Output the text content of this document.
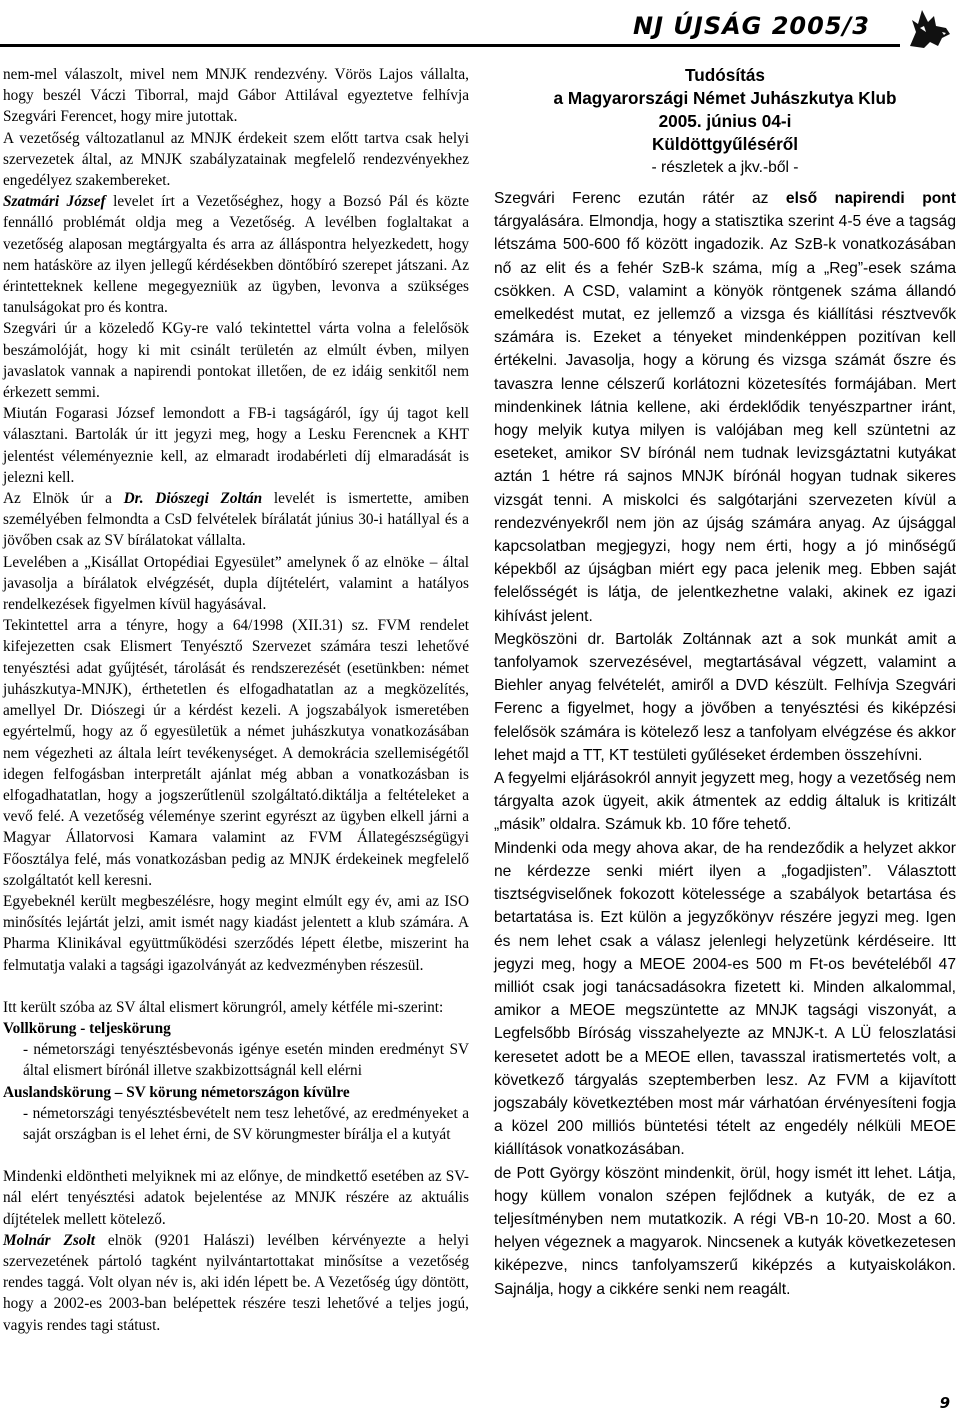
NJ ÚJSÁG 2005/3

nem-mel válaszolt, mivel nem MNJK rendezvény. Vörös Lajos vállalta, hogy beszél Váczi Tiborral, majd Gábor Attilával egyeztetve felhívja Szegvári Ferencet, hogy mire jutottak.

A vezetőség változatlanul az MNJK érdekeit szem előtt tartva csak helyi szervezetek által, az MNJK szabályzatainak megfelelő rendezvényekhez engedélyez szakembereket.

Szatmári József levelet írt a Vezetőséghez, hogy a Bozsó Pál és közte fennálló problémát oldja meg a Vezetőség. A levélben foglaltakat a vezetőség alaposan megtárgyalta és arra az álláspontra helyezkedett, hogy nem hatásköre az ilyen jellegű kérdésekben döntőbíró szerepet játszani. Az érintetteknek kellene megegyezniük az ügyben, levonva a szükséges tanulságokat pro és kontra.

Szegvári úr a közeledő KGy-re való tekintettel várta volna a felelősök beszámolóját, hogy ki mit csinált területén az elmúlt évben, milyen javaslatok vannak a napirendi pontokat illetően, de ez idáig senkitől nem érkezett semmi.

Miután Fogarasi József lemondott a FB-i tagságáról, így új tagot kell választani. Bartolák úr itt jegyzi meg, hogy a Lesku Ferencnek a KHT jelentést véleményeznie kell, az elmaradt irodabérleti díj elmaradását is jelezni kell.

Az Elnök úr a Dr. Diószegi Zoltán levelét is ismertette, amiben személyében felmondta a CsD felvételek bírálatát június 30-i hatállyal és a jövőben csak az SV bírálatokat vállalta.

Levelében a „Kisállat Ortopédiai Egyesület” amelynek ő az elnöke – által javasolja a bírálatok elvégzését, dupla díjtételért, valamint a hatályos rendelkezések figyelmen kívül hagyásával.

Tekintettel arra a tényre, hogy a 64/1998 (XII.31) sz. FVM rendelet kifejezetten csak Elismert Tenyésztő Szervezet számára teszi lehetővé tenyésztési adat gyűjtését, tárolását és rendszerezését (esetünkben: német juhászkutya-MNJK), érthetetlen és elfogadhatatlan az a megközelítés, amellyel Dr. Diószegi úr a kérdést kezeli. A jogszabályok ismeretében egyértelmű, hogy az ő egyesületük a német juhászkutya vonatkozásában nem végezheti az általa leírt tevékenységet. A demokrácia szellemiségétől idegen felfogásban interpretált ajánlat még abban a vonatkozásban is elfogadhatatlan, hogy a jogszerűtlenül szolgáltató.diktálja a feltételeket a vevő felé. A vezetőség véleménye szerint egyrészt az ügyben elkell járni a Magyar Állatorvosi Kamara valamint az FVM Állategészségügyi Főosztálya felé, más vonatkozásban pedig az MNJK érdekeinek megfelelő szolgáltatót kell keresni.

Egyebeknél került megbeszélésre, hogy megint elmúlt egy év, ami az ISO minősítés lejártát jelzi, amit ismét nagy kiadást jelentett a klub számára. A Pharma Klinikával együttműködési szerződés lépett életbe, miszerint ha felmutatja valaki a tagsági igazolványát az kedvezményben részesül.

Itt került szóba az SV által elismert körungról, amely kétféle mi-szerint:

Vollkörung - teljeskörung

- németországi tenyésztésbevonás igénye esetén minden eredményt SV által elismert bírónál illetve szakbizottságnál kell elérni

Auslandskörung – SV körung németországon kívülre

- németországi tenyésztésbevételt nem tesz lehetővé, az eredményeket a saját országban is el lehet érni, de SV körungmester bírálja el a kutyát

Mindenki eldöntheti melyiknek mi az előnye, de mindkettő esetében az SV-nál elért tenyésztési adatok bejelentése az MNJK részére az aktuális díjtételek mellett kötelező.

Molnár Zsolt elnök (9201 Halászi) levélben kérvényezte a helyi szervezetének pártoló tagként nyilvántartottakat minősítse a vezetőség rendes taggá. Volt olyan név is, aki idén lépett be. A Vezetőség úgy döntött, hogy a 2002-es 2003-ban belépettek részére teszi lehetővé a teljes jogú, vagyis rendes tagi státust.

Tudósítás

a Magyarországi Német Juhászkutya Klub

2005. június 04-i

Küldöttgyűléséről

- részletek a jkv.-ből -

Szegvári Ferenc ezután rátér az első napirendi pont tárgyalására. Elmondja, hogy a statisztika szerint 4-5 éve a tagság létszáma 500-600 fő között ingadozik. Az SzB-k vonatkozásában nő az elit és a fehér SzB-k száma, míg a „Reg”-esek száma csökken. A CSD, valamint a könyök röntgenek száma állandó emelkedést mutat, ez jellemző a vizsga és kiállítási résztvevők számára is. Ezeket a tényeket mindenképpen pozitívan kell értékelni. Javasolja, hogy a körung és vizsga számát őszre és tavaszra lenne célszerű korlátozni közetesítés formájában. Mert mindenkinek látnia kellene, aki érdeklődik tenyészpartner iránt, hogy melyik kutya milyen is valójában meg kell szüntetni az eseteket, amikor SV bírónál nem tudnak levizsgáztatni kutyákat aztán 1 hétre rá sajnos MNJK bírónál hogyan tudnak sikeres vizsgát tenni. A miskolci és salgótarjáni szervezeten kívül a rendezvényekről nem jön az újság számára anyag. Az újsággal kapcsolatban megjegyzi, hogy nem érti, hogy a jó minőségű képekből az újságban miért egy paca jelenik meg. Ebben saját felelősségét is látja, de jelentkezhetne valaki, akinek ez igazi kihívást jelent.

Megköszöni dr. Bartolák Zoltánnak azt a sok munkát amit a tanfolyamok szervezésével, megtartásával végzett, valamint a Biehler anyag felvételét, amiről a DVD készült. Felhívja Szegvári Ferenc a figyelmet, hogy a jövőben a tenyésztési és kiképzési felelősök számára is kötelező lesz a tanfolyam elvégzése és akkor lehet majd a TT, KT testületi gyűléseket érdemben összehívni.

A fegyelmi eljárásokról annyit jegyzett meg, hogy a vezetőség nem tárgyalta azok ügyeit, akik átmentek az eddig általuk is kritizált „másik” oldalra. Számuk kb. 10 főre tehető.

Mindenki oda megy ahova akar, de ha rendeződik a helyzet akkor ne kérdezze senki miért ilyen a „fogadjisten”. Választott tisztségviselőnek fokozott kötelessége a szabályok betartása és betartatása is. Ezt külön a jegyzőkönyv részére jegyzi meg. Igen és nem lehet csak a válasz jelenlegi helyzetünk kérdéseire. Itt jegyzi meg, hogy a MEOE 2004-es 500 m Ft-os bevételéből 47 milliót csak jogi tanácsadásokra fizetett ki. Minden alkalommal, amikor a MEOE megszüntette az MNJK tagsági viszonyát, a Legfelsőbb Bíróság visszahelyezte az MNJK-t. A LÜ feloszlatási keresetet adott be a MEOE ellen, tavasszal iratismertetés volt, a következő tárgyalás szeptemberben lesz. Az FVM a kijavított jogszabály következtében most már várhatóan érvényesíteni fogja a közel 200 milliós büntetési tételt az engedély nélküli MEOE kiállítások vonatkozásában.

de Pott György köszönt mindenkit, örül, hogy ismét itt lehet. Látja, hogy küllem vonalon szépen fejlődnek a kutyák, de ez a teljesítményben nem mutatkozik. A régi VB-n 10-20. Most a 60. helyen végeznek a magyarok. Nincsenek a kutyák következetesen kiképezve, nincs tanfolyamszerű kiképzés a kutyaiskolákon. Sajnálja, hogy a cikkére senki nem reagált.

9
